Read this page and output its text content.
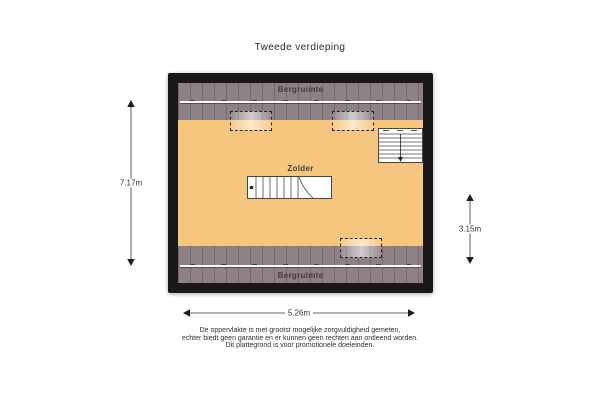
Tweede verdieping
Bergruimte
Bergruimte
Zolder
7.17m
3.15m
5.26m
De oppervlakte is met grootst mogelijke zorgvuldigheid gemeten,
echter biedt geen garantie en er kunnen geen rechten aan ontleend worden.
Dit plattegrond is voor promotionele doeleinden.
